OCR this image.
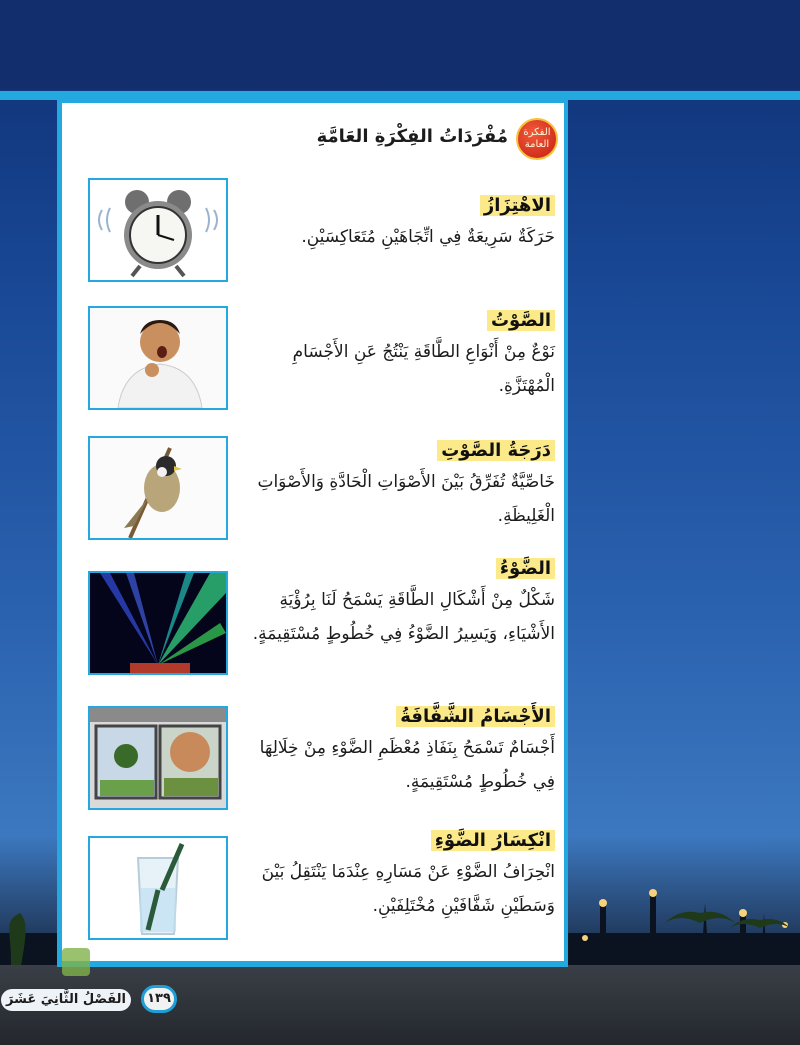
الفكرة العامة
مُفْرَدَاتُ الفِكْرَةِ العَامَّةِ
الاهْتِزَازُ
حَرَكَةٌ سَرِيعَةٌ فِي اتِّجَاهَيْنِ مُتَعَاكِسَيْنِ.
الصَّوْتُ
نَوْعٌ مِنْ أَنْوَاعِ الطَّاقَةِ يَنْتُجُ عَنِ الأَجْسَامِ الْمُهْتَزَّةِ.
دَرَجَةُ الصَّوْتِ
خَاصِّيَّةٌ تُفَرِّقُ بَيْنَ الأَصْوَاتِ الْحَادَّةِ وَالأَصْوَاتِ الْغَلِيظَةِ.
الضَّوْءُ
شَكْلٌ مِنْ أَشْكَالِ الطَّاقَةِ يَسْمَحُ لَنَا بِرُؤْيَةِ الأَشْيَاءِ، وَيَسِيرُ الضَّوْءُ فِي خُطُوطٍ مُسْتَقِيمَةٍ.
الأَجْسَامُ الشَّفَّافَةُ
أَجْسَامٌ تَسْمَحُ بِنَفَاذِ مُعْظَمِ الضَّوْءِ مِنْ خِلَالِهَا فِي خُطُوطٍ مُسْتَقِيمَةٍ.
انْكِسَارُ الضَّوْءِ
انْحِرَافُ الضَّوْءِ عَنْ مَسَارِهِ عِنْدَمَا يَنْتَقِلُ بَيْنَ وَسَطَيْنِ شَفَّافَيْنِ مُخْتَلِفَيْنِ.
١٣٩
الفَصْلُ الثَّانِيَ عَشَرَ
